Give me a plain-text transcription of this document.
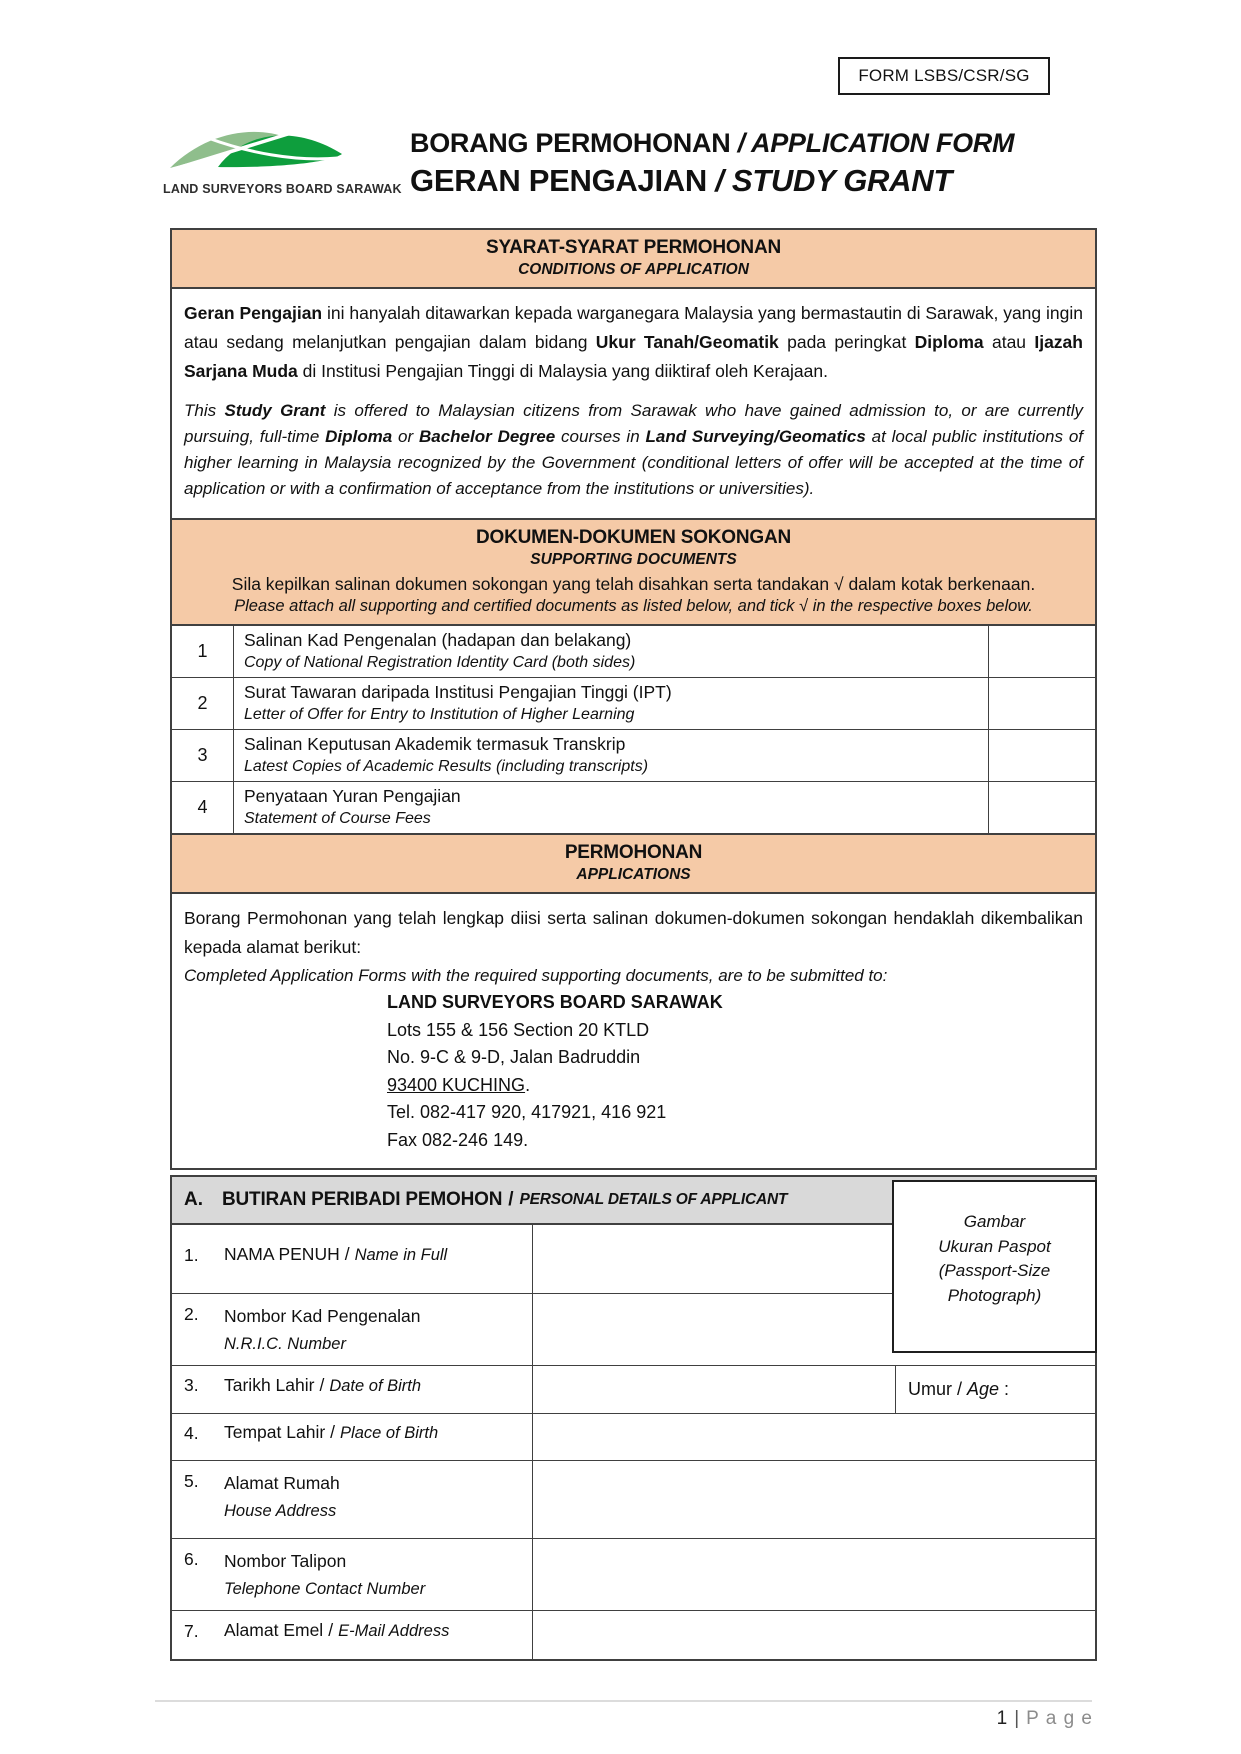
FORM LSBS/CSR/SG
LAND SURVEYORS BOARD SARAWAK
BORANG PERMOHONAN / APPLICATION FORM
GERAN PENGAJIAN / STUDY GRANT
SYARAT-SYARAT PERMOHONAN
CONDITIONS OF APPLICATION
Geran Pengajian ini hanyalah ditawarkan kepada warganegara Malaysia yang bermastautin di Sarawak, yang ingin atau sedang melanjutkan pengajian dalam bidang Ukur Tanah/Geomatik pada peringkat Diploma atau Ijazah Sarjana Muda di Institusi Pengajian Tinggi di Malaysia yang diiktiraf oleh Kerajaan.
This Study Grant is offered to Malaysian citizens from Sarawak who have gained admission to, or are currently pursuing, full-time Diploma or Bachelor Degree courses in Land Surveying/Geomatics at local public institutions of higher learning in Malaysia recognized by the Government (conditional letters of offer will be accepted at the time of application or with a confirmation of acceptance from the institutions or universities).
DOKUMEN-DOKUMEN SOKONGAN
SUPPORTING DOCUMENTS
Sila kepilkan salinan dokumen sokongan yang telah disahkan serta tandakan √ dalam kotak berkenaan.
Please attach all supporting and certified documents as listed below, and tick √ in the respective boxes below.
1
Salinan Kad Pengenalan (hadapan dan belakang)
Copy of National Registration Identity Card (both sides)
2
Surat Tawaran daripada Institusi Pengajian Tinggi (IPT)
Letter of Offer for Entry to Institution of Higher Learning
3
Salinan Keputusan Akademik termasuk Transkrip
Latest Copies of Academic Results (including transcripts)
4
Penyataan Yuran Pengajian
Statement of Course Fees
PERMOHONAN
APPLICATIONS
Borang Permohonan yang telah lengkap diisi serta salinan dokumen-dokumen sokongan hendaklah dikembalikan kepada alamat berikut:
Completed Application Forms with the required supporting documents, are to be submitted to:
LAND SURVEYORS BOARD SARAWAK
Lots 155 & 156 Section 20 KTLD
No. 9-C & 9-D, Jalan Badruddin
93400 KUCHING.
Tel. 082-417 920, 417921, 416 921
Fax 082-246 149.
A.	BUTIRAN PERIBADI PEMOHON / PERSONAL DETAILS OF APPLICANT
1.	NAMA PENUH / Name in Full
2.	Nombor Kad Pengenalan
N.R.I.C. Number
3.	Tarikh Lahir / Date of Birth	Umur / Age :
4.	Tempat Lahir / Place of Birth
5.	Alamat Rumah
House Address
6.	Nombor Talipon
Telephone Contact Number
7.	Alamat Emel / E-Mail Address
Gambar
Ukuran Paspot
(Passport-Size
Photograph)
1 | P a g e
